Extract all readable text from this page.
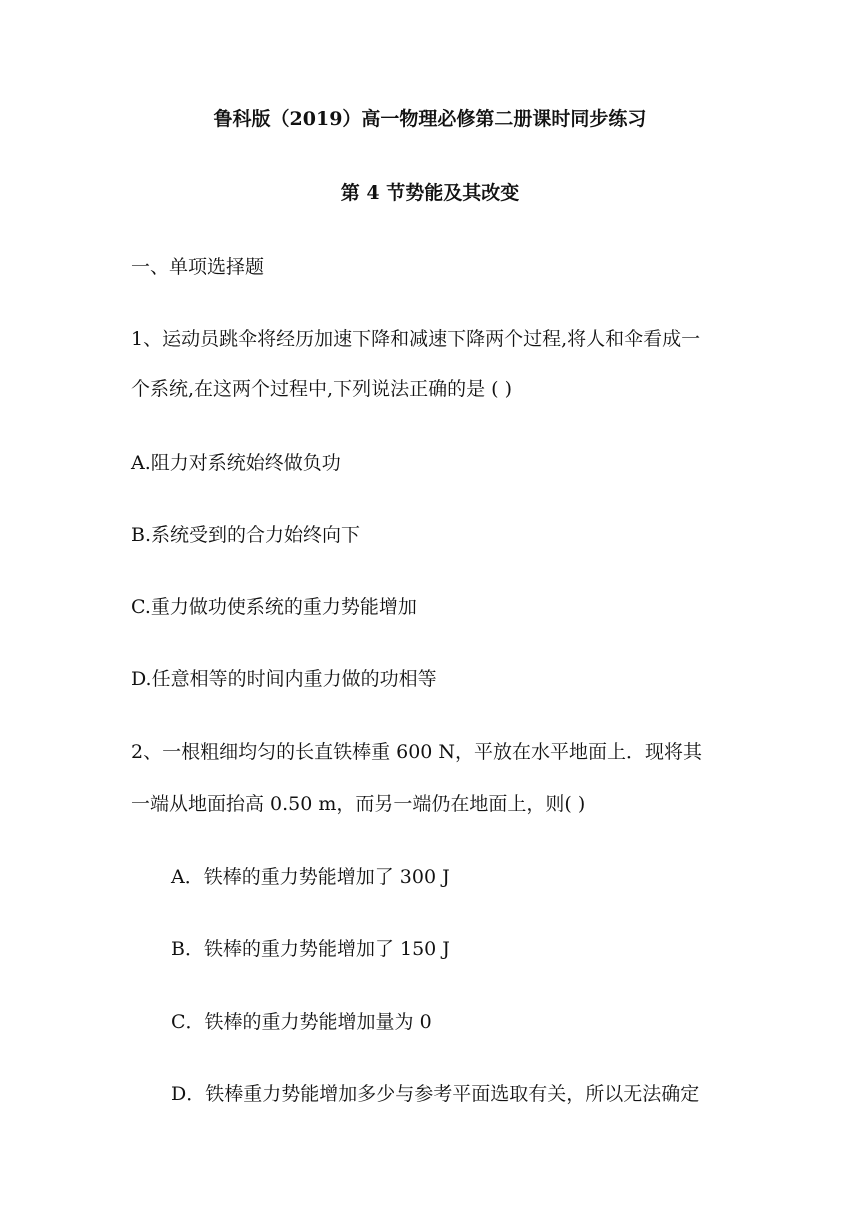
鲁科版（2019）高一物理必修第二册课时同步练习
第 4 节势能及其改变
一、单项选择题
1、运动员跳伞将经历加速下降和减速下降两个过程,将人和伞看成一
个系统,在这两个过程中,下列说法正确的是 ( )
A.阻力对系统始终做负功
B.系统受到的合力始终向下
C.重力做功使系统的重力势能增加
D.任意相等的时间内重力做的功相等
2、一根粗细均匀的长直铁棒重 600 N，平放在水平地面上．现将其
一端从地面抬高 0.50 m，而另一端仍在地面上，则( )
A．铁棒的重力势能增加了 300 J
B．铁棒的重力势能增加了 150 J
C．铁棒的重力势能增加量为 0
D．铁棒重力势能增加多少与参考平面选取有关，所以无法确定
